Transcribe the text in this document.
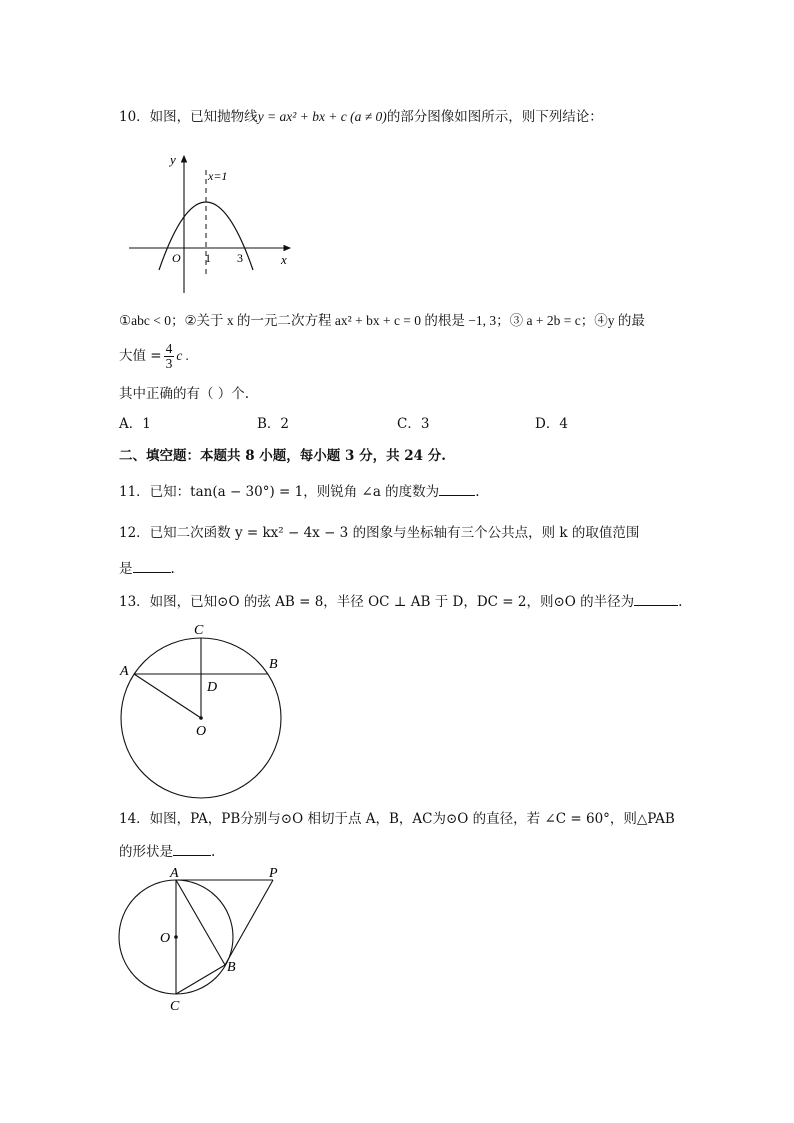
10．如图，已知抛物线y = ax² + bx + c (a ≠ 0)的部分图像如图所示，则下列结论：
y
x
O 1 3
x=1
①abc < 0；②关于 x 的一元二次方程 ax² + bx + c = 0 的根是 −1, 3；③ a + 2b = c；④y 的最
大值 = $\frac{4}{3}$ c .
其中正确的有（ ）个.
A．1	B．2	C．3	D．4
二、填空题：本题共 8 小题，每小题 3 分，共 24 分.
11．已知：tan(a − 30°) = 1，则锐角 ∠a 的度数为	.
12．已知二次函数 y = kx² − 4x − 3 的图象与坐标轴有三个公共点，则 k 的取值范围
是	.
13．如图，已知⊙O 的弦 AB = 8，半径 OC ⊥ AB 于 D，DC = 2，则⊙O 的半径为	.
C
A	B
D
O
14．如图，PA，PB分别与⊙O 相切于点 A，B，AC为⊙O 的直径，若 ∠C = 60°，则△PAB
的形状是	.
A	P
O
B
C
